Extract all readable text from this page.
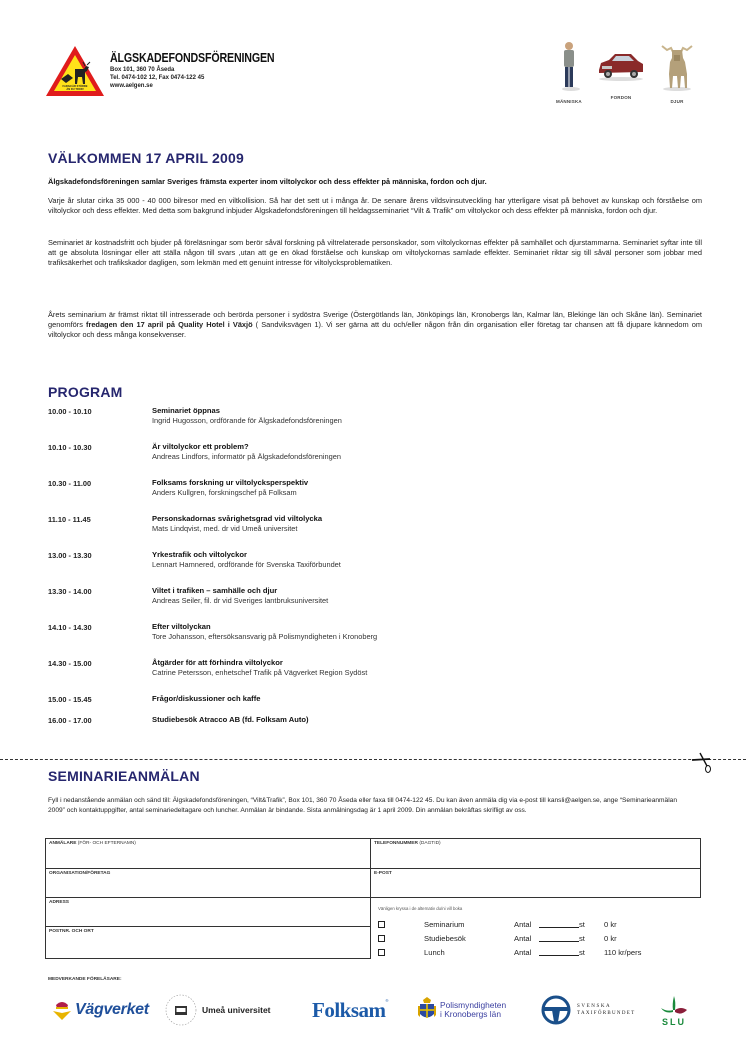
FARAN ÄR STÖRRE
ÄN DU TROR!
ÄLGSKADEFONDSFÖRENINGEN
Box 101, 360 70 Åseda
Tel. 0474-102 12, Fax 0474-122 45
www.aelgen.se
MÄNNISKA
FORDON
DJUR
VÄLKOMMEN 17 APRIL 2009
Älgskadefondsföreningen samlar Sveriges främsta experter inom viltolyckor och dess effekter på människa, fordon och djur.

Varje år slutar cirka 35 000 - 40 000 bilresor med en viltkollision. Så har det sett ut i många år. De senare årens vildsvinsutveckling har ytterligare visat på behovet av kunskap och förståelse om viltolyckor och dess effekter. Med detta som bakgrund inbjuder Älgskadefondsföreningen till heldagsseminariet “Vilt & Trafik” om viltolyckor och dess effekter på människa, fordon och djur.

Seminariet är kostnadsfritt och bjuder på föreläsningar som berör såväl forskning på viltrelaterade personskador, som viltolyckornas effekter på samhället och djurstammarna. Seminariet syftar inte till att ge absoluta lösningar eller att ställa någon till svars ,utan att ge en ökad förståelse och kunskap om viltolyckornas samlade effekter. Seminariet riktar sig till såväl personer som jobbar med trafiksäkerhet och trafikskador dagligen, som lekmän med ett genuint intresse för viltolycksproblematiken.

Årets seminarium är främst riktat till intresserade och berörda personer i sydöstra Sverige (Östergötlands län, Jönköpings län, Kronobergs län, Kalmar län, Blekinge län och Skåne län). Seminariet genomförs fredagen den 17 april på Quality Hotel i Växjö ( Sandviksvägen 1). Vi ser gärna att du och/eller någon från din organisation eller företag tar chansen att få djupare kännedom om viltolyckor och dess många konsekvenser.

PROGRAM
10.00 - 10.10	Seminariet öppnas
Ingrid Hugosson, ordförande för Älgskadefondsföreningen
10.10 - 10.30	Är viltolyckor ett problem?
Andreas Lindfors, informatör på Älgskadefondsföreningen
10.30 - 11.00	Folksams forskning ur viltolycksperspektiv
Anders Kullgren, forskningschef på Folksam
11.10 - 11.45	Personskadornas svårighetsgrad vid viltolycka
Mats Lindqvist, med. dr vid Umeå universitet
13.00 - 13.30	Yrkestrafik och viltolyckor
Lennart Hamnered, ordförande för Svenska Taxiförbundet
13.30 - 14.00	Viltet i trafiken – samhälle och djur
Andreas Seiler, fil. dr vid Sveriges lantbruksuniversitet
14.10 - 14.30	Efter viltolyckan
Tore Johansson, eftersöksansvarig på Polismyndigheten i Kronoberg
14.30 - 15.00	Åtgärder för att förhindra viltolyckor
Catrine Petersson, enhetschef Trafik på Vägverket Region Sydöst
15.00 - 15.45	Frågor/diskussioner och kaffe
16.00 - 17.00	Studiebesök Atracco AB (fd. Folksam Auto)
SEMINARIEANMÄLAN
Fyll i nedanstående anmälan och sänd till: Älgskadefondsföreningen, “Vilt&Trafik”, Box 101, 360 70 Åseda eller faxa till 0474-122 45. Du kan även anmäla dig via e-post till kansli@aelgen.se, ange “Seminarieanmälan 2009” och kontaktuppgifter, antal seminariedeltagare och luncher. Anmälan är bindande. Sista anmälningsdag är 1 april 2009. Din anmälan bekräftas skrifligt av oss.
ANMÄLARE (FÖR- OCH EFTERNAMN)
ORGANISATION/FÖRETAG
ADRESS
POSTNR. OCH ORT
TELEFONNUMMER (DAGTID)
E-POST
Vänligen kryssa i de alternativ du/ni vill boka
Seminarium	Antal	st	0 kr
Studiebesök	Antal	st	0 kr
Lunch	Antal	st	110 kr/pers
MEDVERKANDE FÖRELÄSARE:
Vägverket	Umeå universitet Folksam ®	Polismyndigheten
i Kronobergs län
SVENSKA
TAXIFÖRBUNDET
SLU
